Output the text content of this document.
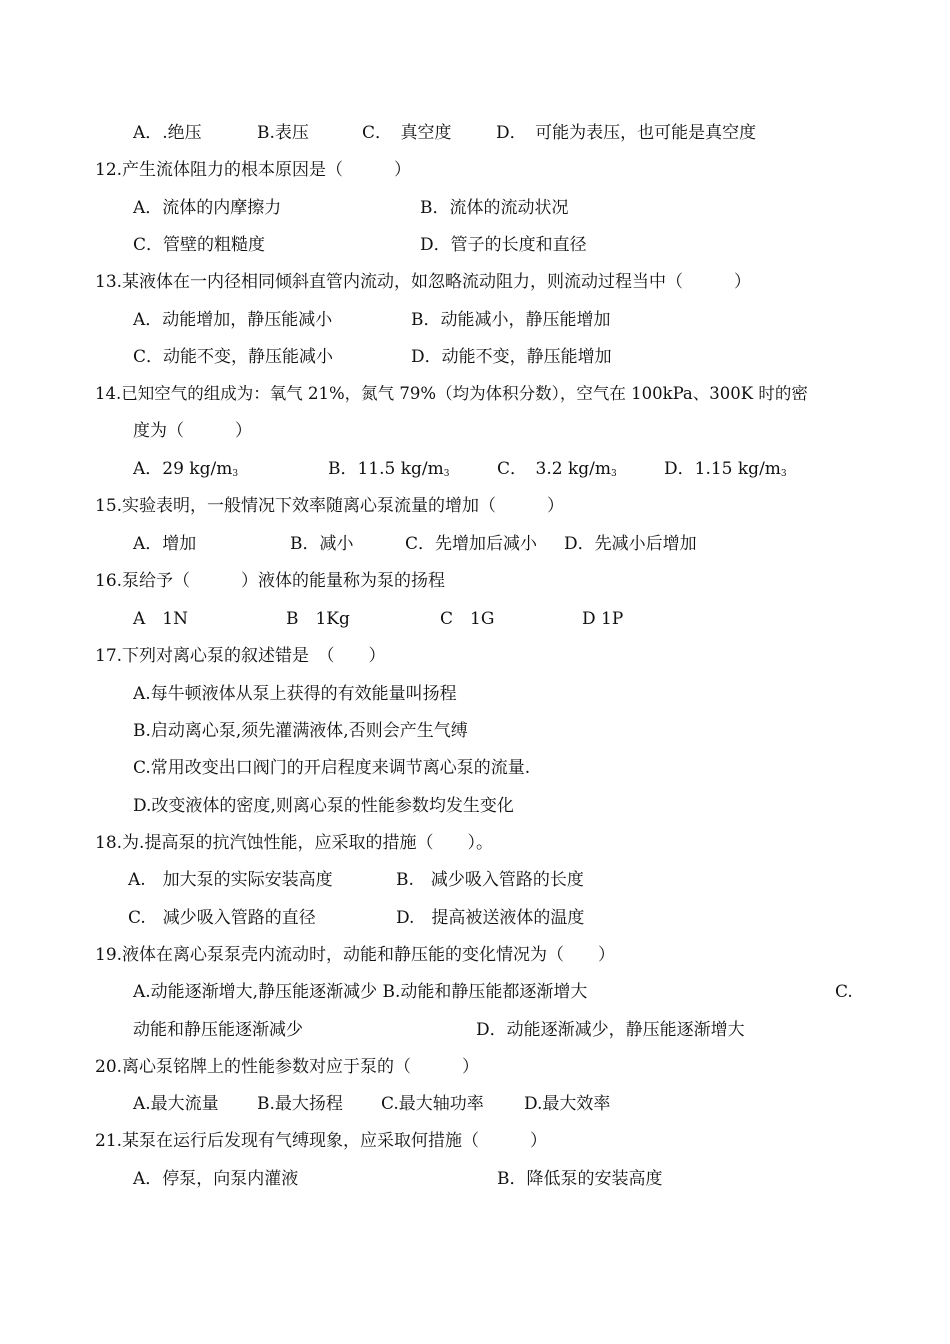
A．.绝压	B.表压	C．　真空度	D．　可能为表压，也可能是真空度
12.产生流体阻力的根本原因是（　　　）
A．流体的内摩擦力	B．流体的流动状况
C．管壁的粗糙度	D．管子的长度和直径
13.某液体在一内径相同倾斜直管内流动，如忽略流动阻力，则流动过程当中（　　　）
A．动能增加，静压能减小	B．动能减小，静压能增加
C．动能不变，静压能减小	D．动能不变，静压能增加
14.已知空气的组成为：氧气 21%，氮气 79%（均为体积分数），空气在 100kPa、300K 时的密
度为（　　　）
A．29 $kg/m_3$	B．11.5 $kg/m_3$	C．　3.2 $kg/m_3$	D．1.15 $kg/m_3$
15.实验表明，一般情况下效率随离心泵流量的增加（　　　）
A．增加	B．减小	C．先增加后减小 D．先减小后增加
16.泵给予（　　　）液体的能量称为泵的扬程
A　1N	B　1Kg	C　1G	D 1P
17.下列对离心泵的叙述错是　（　　）
A.每牛顿液体从泵上获得的有效能量叫扬程
B.启动离心泵,须先灌满液体,否则会产生气缚
C.常用改变出口阀门的开启程度来调节离心泵的流量.
D.改变液体的密度,则离心泵的性能参数均发生变化
18.为.提高泵的抗汽蚀性能，应采取的措施（　　）。
A.　加大泵的实际安装高度	B.　减少吸入管路的长度
C.　减少吸入管路的直径	D.　提高被送液体的温度
19.液体在离心泵泵壳内流动时，动能和静压能的变化情况为（　　）
A.动能逐渐增大,静压能逐渐减少 B.动能和静压能都逐渐增大	C.
动能和静压能逐渐减少	D．动能逐渐减少，静压能逐渐增大
20.离心泵铭牌上的性能参数对应于泵的（　　　）
A.最大流量 B.最大扬程 C.最大轴功率 D.最大效率
21.某泵在运行后发现有气缚现象，应采取何措施（　　　）
A．停泵，向泵内灌液	B．降低泵的安装高度
